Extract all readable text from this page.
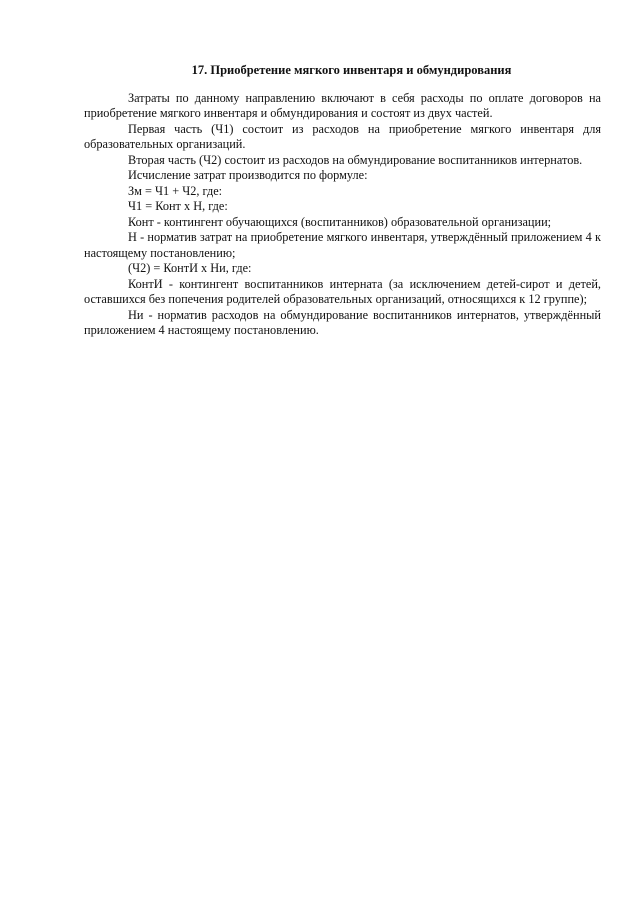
17. Приобретение мягкого инвентаря и обмундирования

Затраты по данному направлению включают в себя расходы по оплате договоров на приобретение мягкого инвентаря и обмундирования и состоят из двух частей.

Первая часть (Ч1) состоит из расходов на приобретение мягкого инвентаря для образовательных организаций.

Вторая часть (Ч2) состоит из расходов на обмундирование воспитанников интернатов.

Исчисление затрат производится по формуле:

Зм = Ч1 + Ч2, где:

Ч1 = Конт х Н, где:

Конт - контингент обучающихся (воспитанников) образовательной организации;

Н - норматив затрат на приобретение мягкого инвентаря, утверждённый приложением 4 к настоящему постановлению;

(Ч2) = КонтИ х Ни, где:

КонтИ - контингент воспитанников интерната (за исключением детей-сирот и детей, оставшихся без попечения родителей образовательных организаций, относящихся к 12 группе);

Ни - норматив расходов на обмундирование воспитанников интернатов, утверждённый приложением 4 настоящему постановлению.
